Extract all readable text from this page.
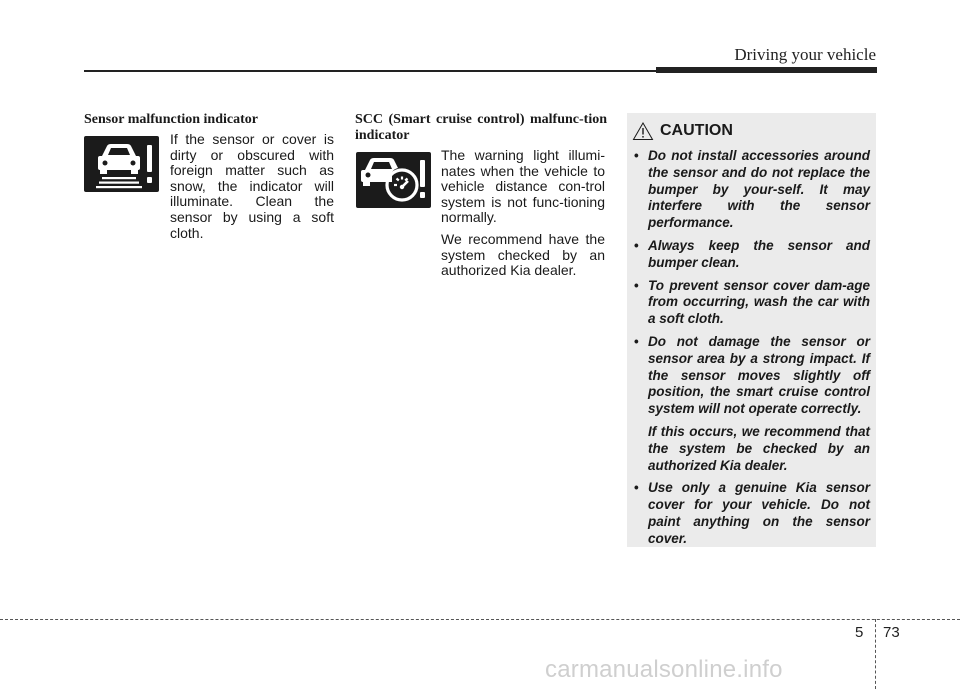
Driving your vehicle
Sensor malfunction indicator

If the sensor or cover is dirty or obscured with foreign matter such as snow, the indicator will illuminate. Clean the sensor by using a soft cloth.

SCC (Smart cruise control) malfunc-tion indicator

The warning light illumi-nates when the vehicle to vehicle distance con-trol system is not func-tioning normally.

We recommend have the system checked by an authorized Kia dealer.

CAUTION
• Do not install accessories around the sensor and do not replace the bumper by your-self. It may interfere with the sensor performance.

• Always keep the sensor and bumper clean.

• To prevent sensor cover dam-age from occurring, wash the car with a soft cloth.

• Do not damage the sensor or sensor area by a strong impact. If the sensor moves slightly off position, the smart cruise control system will not operate correctly.

If this occurs, we recommend that the system be checked by an authorized Kia dealer.

• Use only a genuine Kia sensor cover for your vehicle. Do not paint anything on the sensor cover.

5 73
carmanualsonline.info
